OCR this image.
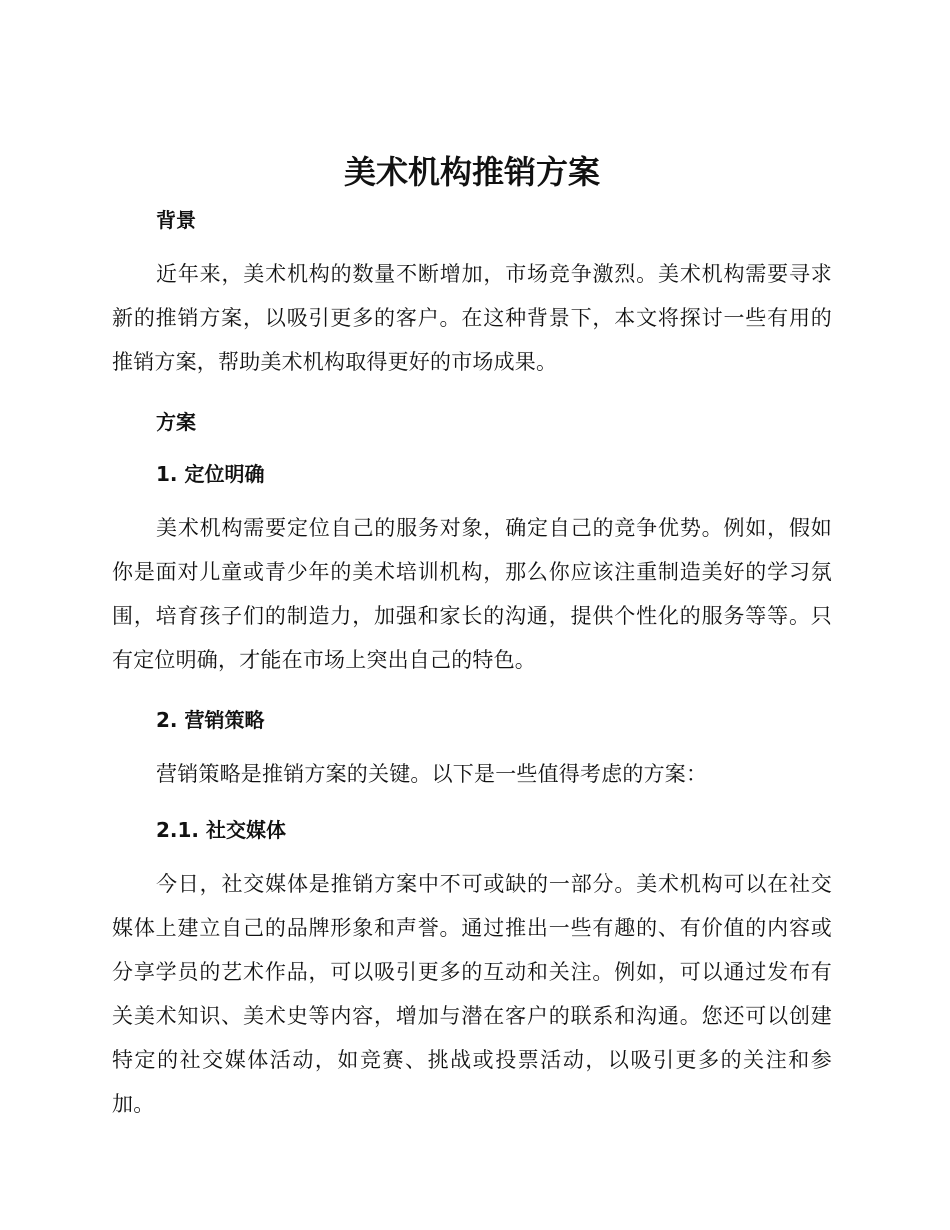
美术机构推销方案
背景

近年来，美术机构的数量不断增加，市场竞争激烈。美术机构需要寻求新的推销方案，以吸引更多的客户。在这种背景下，本文将探讨一些有用的推销方案，帮助美术机构取得更好的市场成果。

方案
1. 定位明确

美术机构需要定位自己的服务对象，确定自己的竞争优势。例如，假如你是面对儿童或青少年的美术培训机构，那么你应该注重制造美好的学习氛围，培育孩子们的制造力，加强和家长的沟通，提供个性化的服务等等。只有定位明确，才能在市场上突出自己的特色。

2. 营销策略

营销策略是推销方案的关键。以下是一些值得考虑的方案：

2.1. 社交媒体

今日，社交媒体是推销方案中不可或缺的一部分。美术机构可以在社交媒体上建立自己的品牌形象和声誉。通过推出一些有趣的、有价值的内容或分享学员的艺术作品，可以吸引更多的互动和关注。例如，可以通过发布有关美术知识、美术史等内容，增加与潜在客户的联系和沟通。您还可以创建特定的社交媒体活动，如竞赛、挑战或投票活动，以吸引更多的关注和参加。
